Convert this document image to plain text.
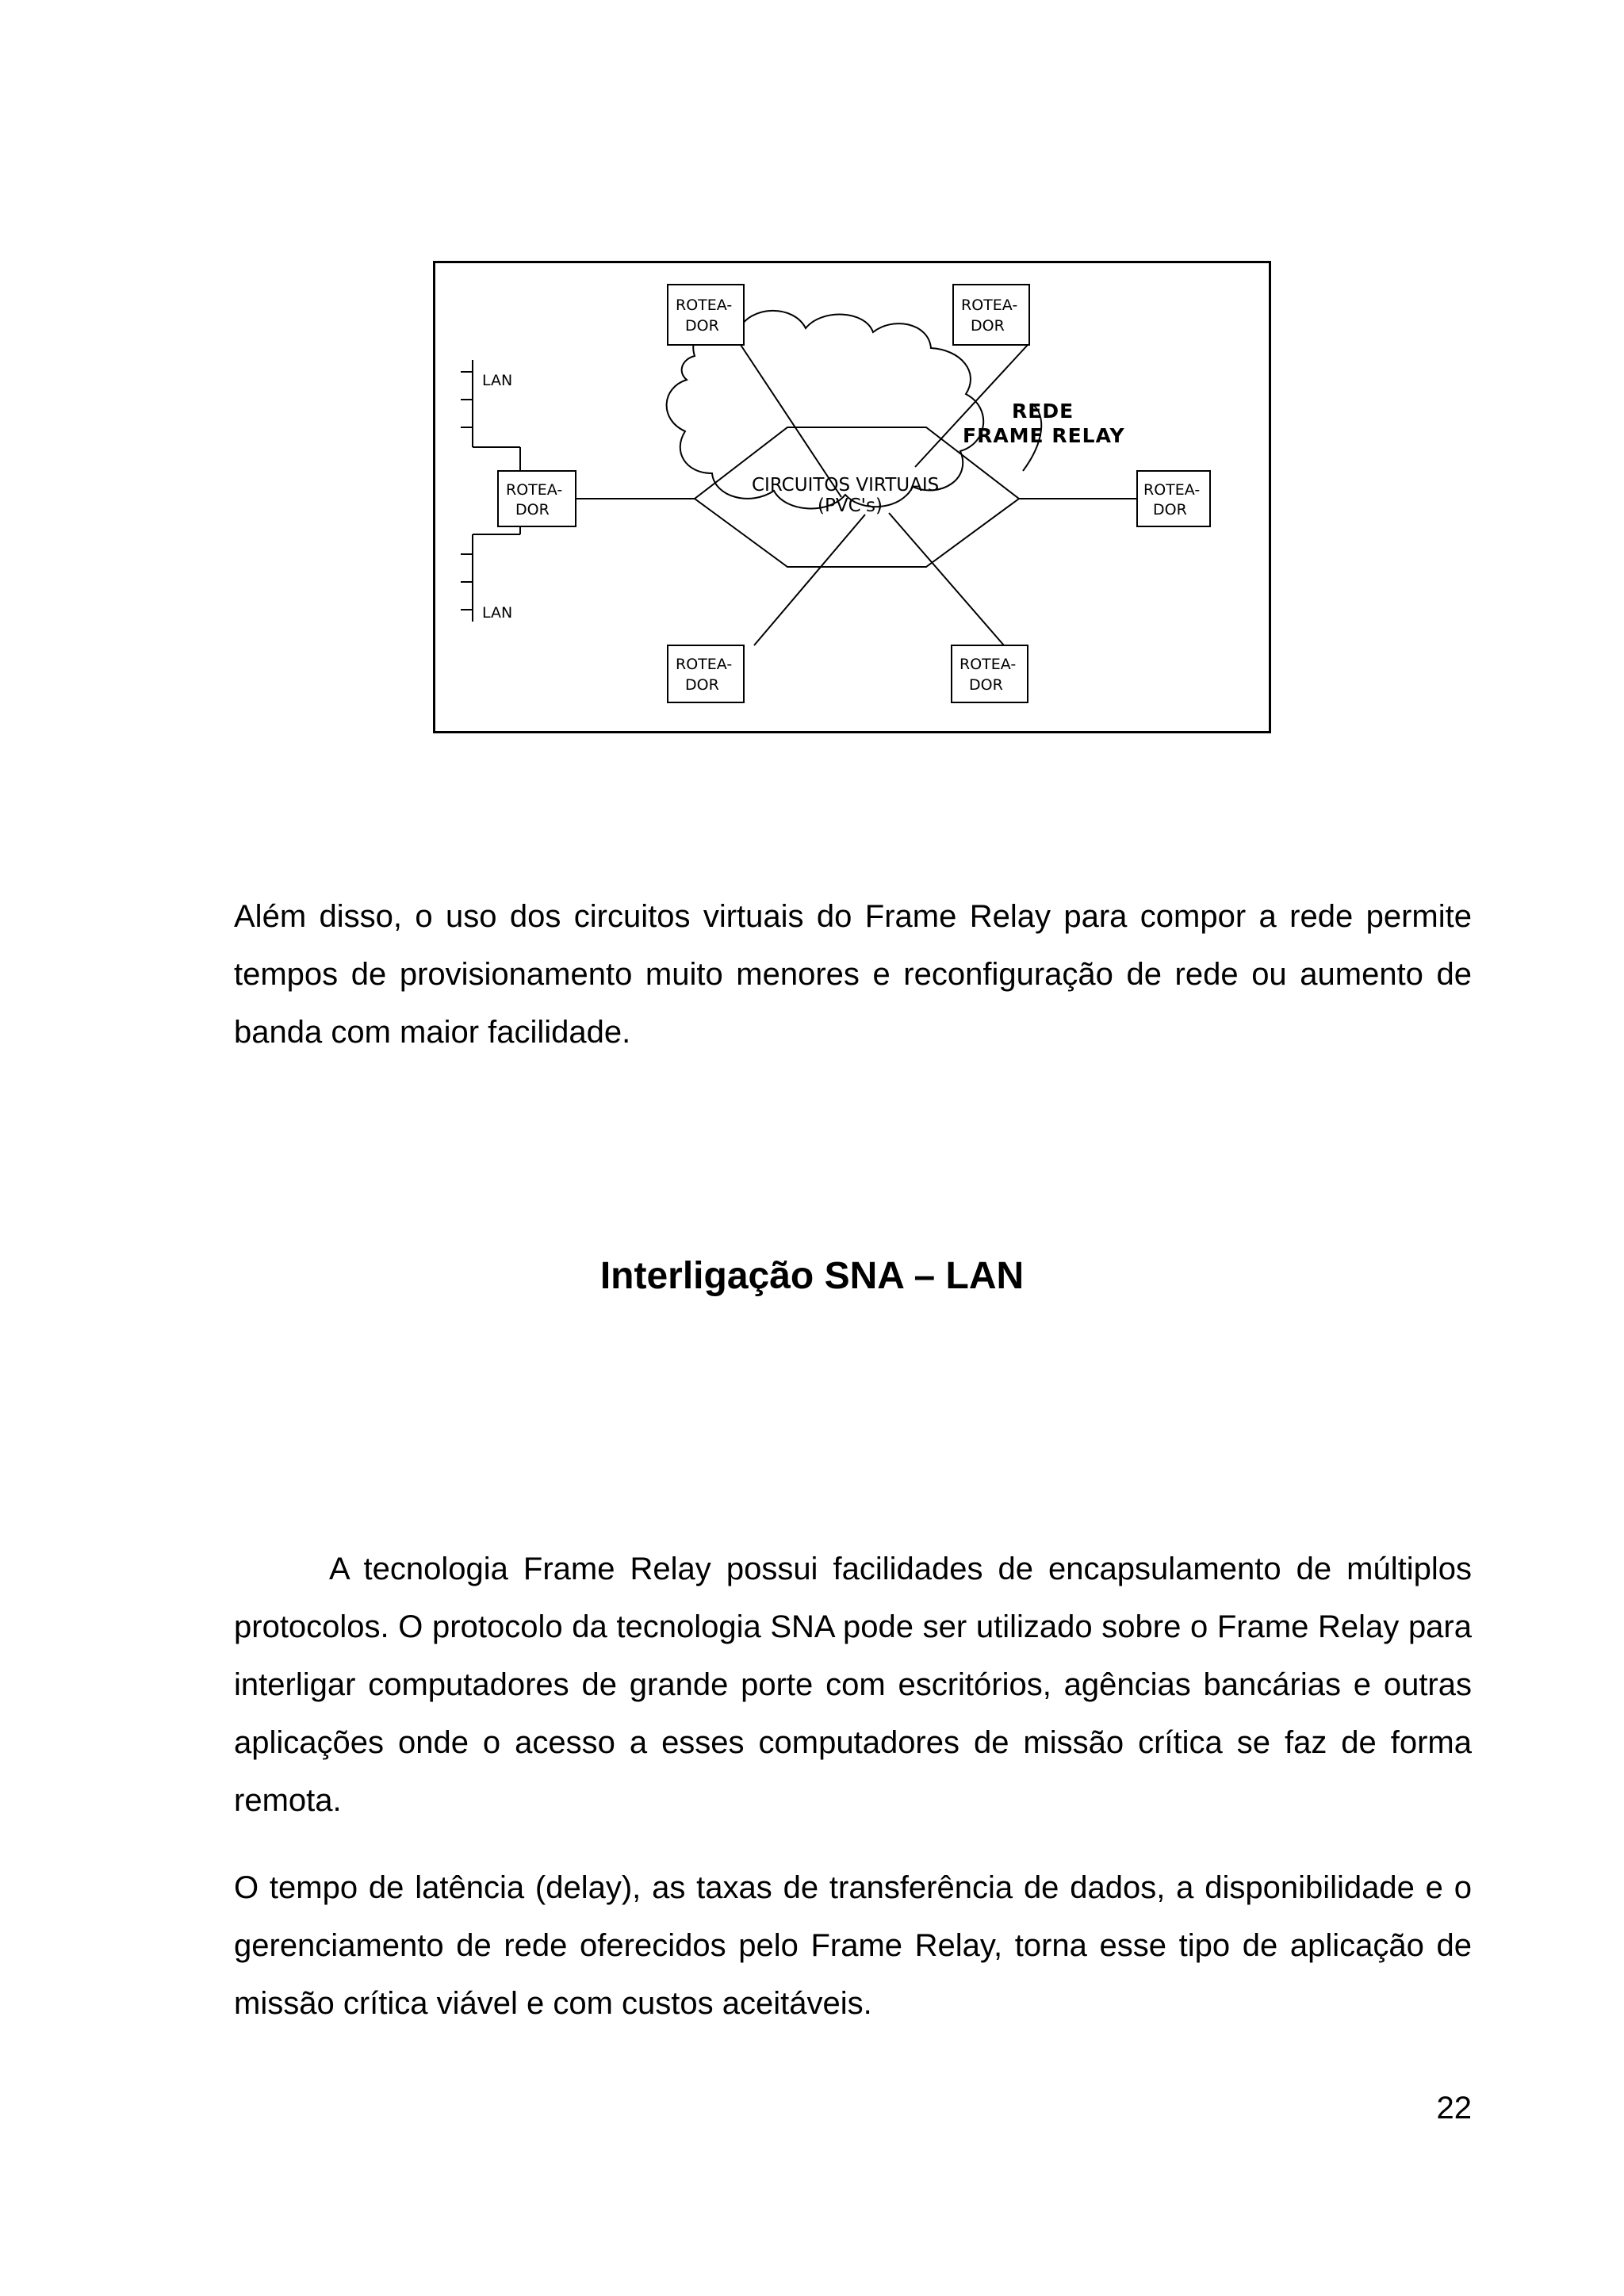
LAN
LAN
ROTEA-
DOR
ROTEA-
DOR
ROTEA-
DOR
ROTEA-
DOR
ROTEA-
DOR
ROTEA-
DOR
CIRCUITOS VIRTUAIS
(PVC's)
REDE
FRAME RELAY

Além disso, o uso dos circuitos virtuais do Frame Relay para compor a rede permite tempos de provisionamento muito menores e reconfiguração de rede ou aumento de banda com maior facilidade.

Interligação SNA – LAN

A tecnologia Frame Relay possui facilidades de encapsulamento de múltiplos protocolos. O protocolo da tecnologia SNA pode ser utilizado sobre o Frame Relay para interligar computadores de grande porte com escritórios, agências bancárias e outras aplicações onde o acesso a esses computadores de missão crítica se faz de forma remota.

O tempo de latência (delay), as taxas de transferência de dados, a disponibilidade e o gerenciamento de rede oferecidos pelo Frame Relay, torna esse tipo de aplicação de missão crítica viável e com custos aceitáveis.

22
